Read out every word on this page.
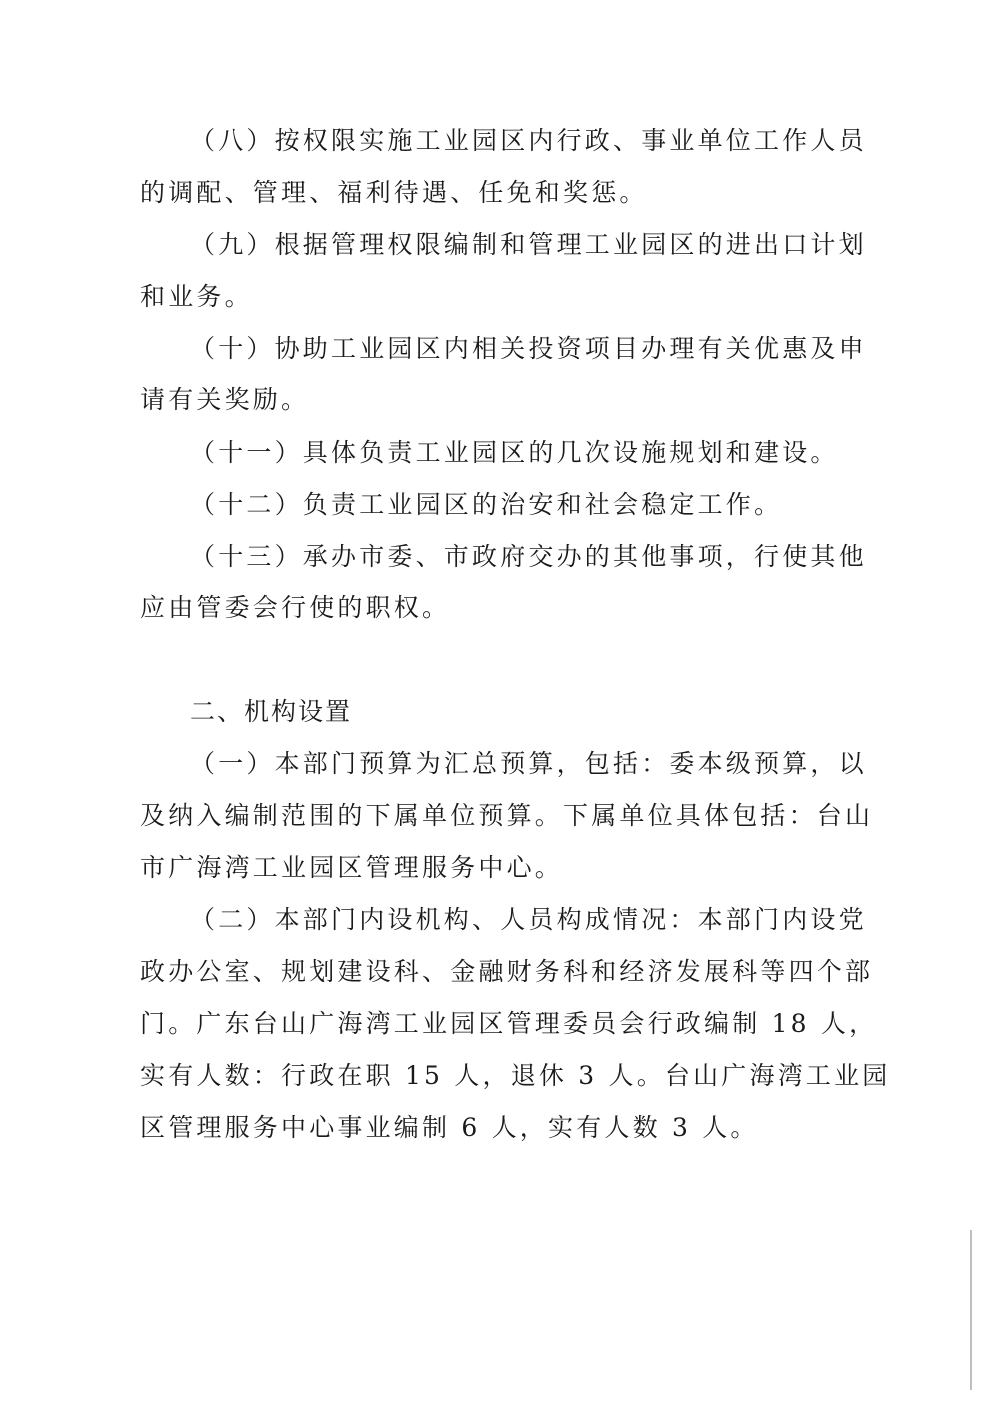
（八）按权限实施工业园区内行政、事业单位工作人员
的调配、管理、福利待遇、任免和奖惩。
（九）根据管理权限编制和管理工业园区的进出口计划
和业务。
（十）协助工业园区内相关投资项目办理有关优惠及申
请有关奖励。
（十一）具体负责工业园区的几次设施规划和建设。
（十二）负责工业园区的治安和社会稳定工作。
（十三）承办市委、市政府交办的其他事项，行使其他
应由管委会行使的职权。
二、机构设置
（一）本部门预算为汇总预算，包括：委本级预算，以
及纳入编制范围的下属单位预算。下属单位具体包括：台山
市广海湾工业园区管理服务中心。
（二）本部门内设机构、人员构成情况：本部门内设党
政办公室、规划建设科、金融财务科和经济发展科等四个部
门。广东台山广海湾工业园区管理委员会行政编制 18 人，
实有人数：行政在职 15 人，退休 3 人。台山广海湾工业园
区管理服务中心事业编制 6 人，实有人数 3 人。
